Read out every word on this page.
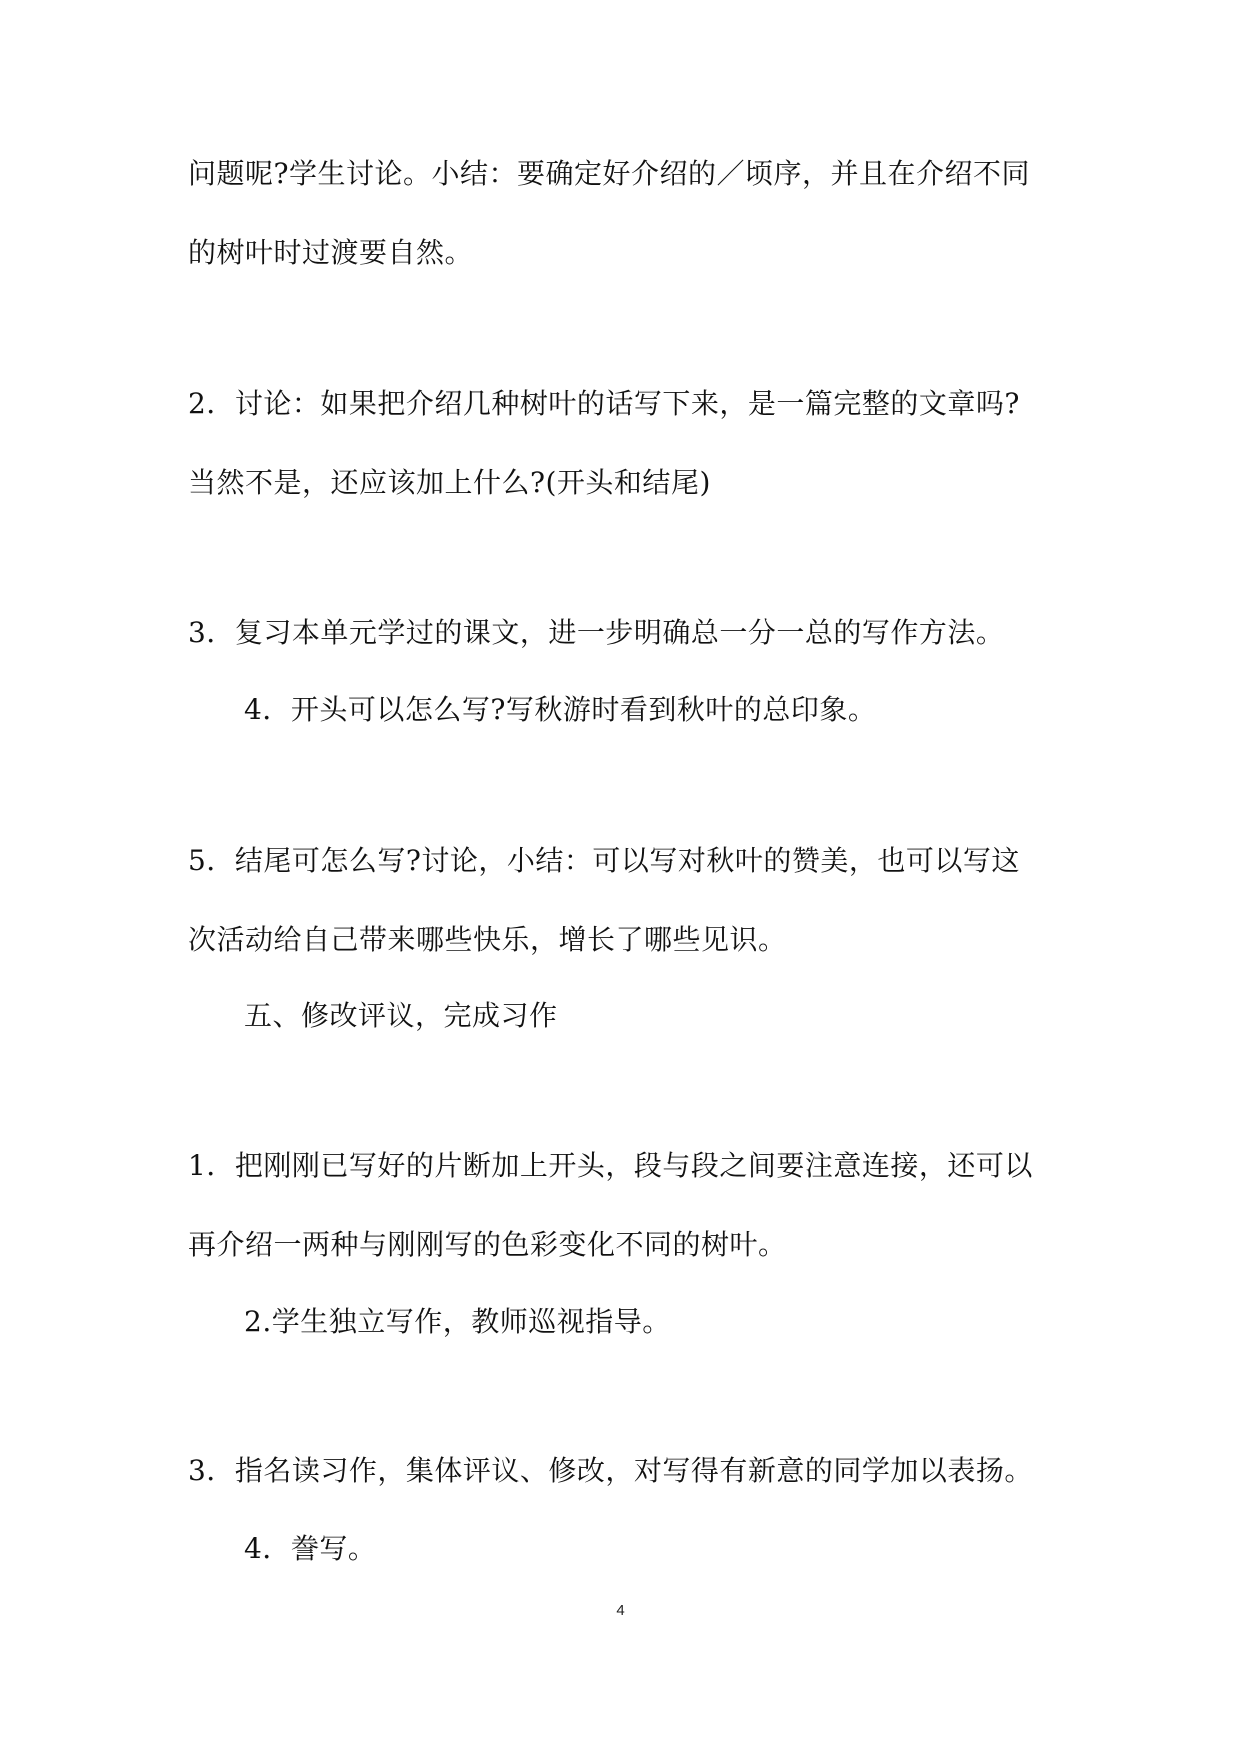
问题呢?学生讨论。小结：要确定好介绍的／顷序，并且在介绍不同
的树叶时过渡要自然。
2．讨论：如果把介绍几种树叶的话写下来，是一篇完整的文章吗?
当然不是，还应该加上什么?(开头和结尾)
3．复习本单元学过的课文，进一步明确总一分一总的写作方法。
4．开头可以怎么写?写秋游时看到秋叶的总印象。
5．结尾可怎么写?讨论，小结：可以写对秋叶的赞美，也可以写这
次活动给自己带来哪些快乐，增长了哪些见识。
五、修改评议，完成习作
1．把刚刚已写好的片断加上开头，段与段之间要注意连接，还可以
再介绍一两种与刚刚写的色彩变化不同的树叶。
2.学生独立写作，教师巡视指导。
3．指名读习作，集体评议、修改，对写得有新意的同学加以表扬。
4．誊写。
4
